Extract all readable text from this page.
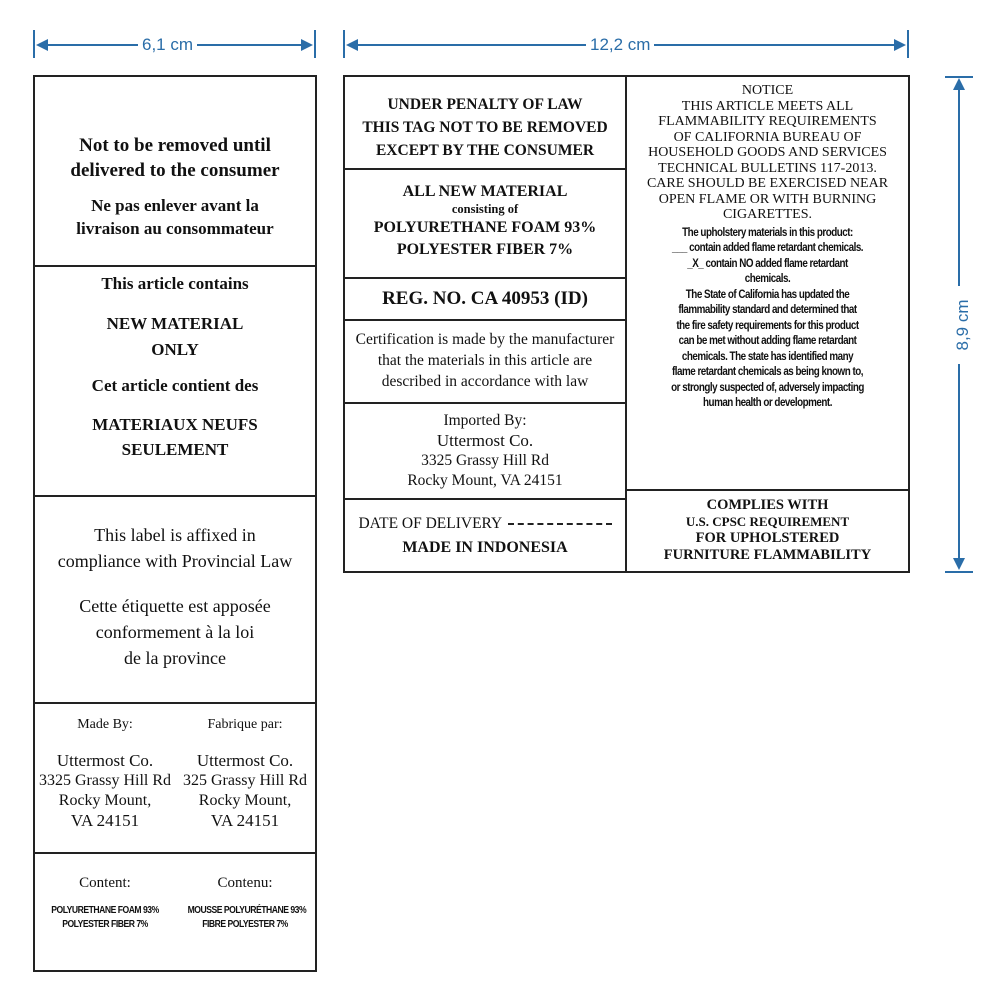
6,1 cm	12,2 cm
8,9 cm
Not to be removed until
delivered to the consumer
Ne pas enlever avant la
livraison au consommateur
This article contains
NEW MATERIAL
ONLY
Cet article contient des
MATERIAUX NEUFS
SEULEMENT
This label is affixed in
compliance with Provincial Law
Cette étiquette est apposée
conformement à la loi
de la province
Made By:
Uttermost Co.
3325 Grassy Hill Rd
Rocky Mount,
VA 24151
Fabrique par:
Uttermost Co.
325 Grassy Hill Rd
Rocky Mount,
VA 24151
Content:
POLYURETHANE FOAM 93%
POLYESTER FIBER 7%
Contenu:
MOUSSE POLYURÉTHANE 93%
FIBRE POLYESTER 7%
UNDER PENALTY OF LAW
THIS TAG NOT TO BE REMOVED
EXCEPT BY THE CONSUMER
ALL NEW MATERIAL
consisting of
POLYURETHANE FOAM 93%
POLYESTER FIBER 7%
REG. NO. CA 40953 (ID)
Certification is made by the manufacturer
that the materials in this article are
described in accordance with law
Imported By:
Uttermost Co.
3325 Grassy Hill Rd
Rocky Mount, VA 24151
DATE OF DELIVERY
MADE IN INDONESIA
NOTICE
THIS ARTICLE MEETS ALL
FLAMMABILITY REQUIREMENTS
OF CALIFORNIA BUREAU OF
HOUSEHOLD GOODS AND SERVICES
TECHNICAL BULLETINS 117-2013.
CARE SHOULD BE EXERCISED NEAR
OPEN FLAME OR WITH BURNING
CIGARETTES.
The upholstery materials in this product:
___ contain added flame retardant chemicals.
_X_ contain NO added flame retardant
chemicals.
The State of California has updated the
flammability standard and determined that
the fire safety requirements for this product
can be met without adding flame retardant
chemicals. The state has identified many
flame retardant chemicals as being known to,
or strongly suspected of, adversely impacting
human health or development.
COMPLIES WITH
U.S. CPSC REQUIREMENT
FOR UPHOLSTERED
FURNITURE FLAMMABILITY
